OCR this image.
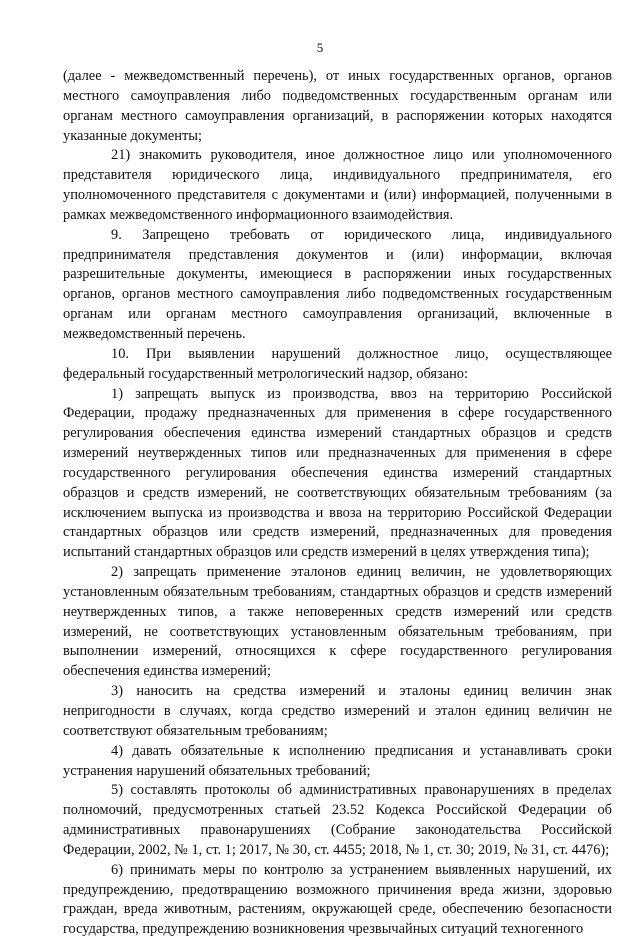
5

(далее - межведомственный перечень), от иных государственных органов, органов местного самоуправления либо подведомственных государственным органам или органам местного самоуправления организаций, в распоряжении которых находятся указанные документы;

21) знакомить руководителя, иное должностное лицо или уполномоченного представителя юридического лица, индивидуального предпринимателя, его уполномоченного представителя с документами и (или) информацией, полученными в рамках межведомственного информационного взаимодействия.

9. Запрещено требовать от юридического лица, индивидуального предпринимателя представления документов и (или) информации, включая разрешительные документы, имеющиеся в распоряжении иных государственных органов, органов местного самоуправления либо подведомственных государственным органам или органам местного самоуправления организаций, включенные в межведомственный перечень.

10. При выявлении нарушений должностное лицо, осуществляющее федеральный государственный метрологический надзор, обязано:

1) запрещать выпуск из производства, ввоз на территорию Российской Федерации, продажу предназначенных для применения в сфере государственного регулирования обеспечения единства измерений стандартных образцов и средств измерений неутвержденных типов или предназначенных для применения в сфере государственного регулирования обеспечения единства измерений стандартных образцов и средств измерений, не соответствующих обязательным требованиям (за исключением выпуска из производства и ввоза на территорию Российской Федерации стандартных образцов или средств измерений, предназначенных для проведения испытаний стандартных образцов или средств измерений в целях утверждения типа);

2) запрещать применение эталонов единиц величин, не удовлетворяющих установленным обязательным требованиям, стандартных образцов и средств измерений неутвержденных типов, а также неповеренных средств измерений или средств измерений, не соответствующих установленным обязательным требованиям, при выполнении измерений, относящихся к сфере государственного регулирования обеспечения единства измерений;

3) наносить на средства измерений и эталоны единиц величин знак непригодности в случаях, когда средство измерений и эталон единиц величин не соответствуют обязательным требованиям;

4) давать обязательные к исполнению предписания и устанавливать сроки устранения нарушений обязательных требований;

5) составлять протоколы об административных правонарушениях в пределах полномочий, предусмотренных статьей 23.52 Кодекса Российской Федерации об административных правонарушениях (Собрание законодательства Российской Федерации, 2002, № 1, ст. 1; 2017, № 30, ст. 4455; 2018, № 1, ст. 30; 2019, № 31, ст. 4476);

6) принимать меры по контролю за устранением выявленных нарушений, их предупреждению, предотвращению возможного причинения вреда жизни, здоровью граждан, вреда животным, растениям, окружающей среде, обеспечению безопасности государства, предупреждению возникновения чрезвычайных ситуаций техногенного
